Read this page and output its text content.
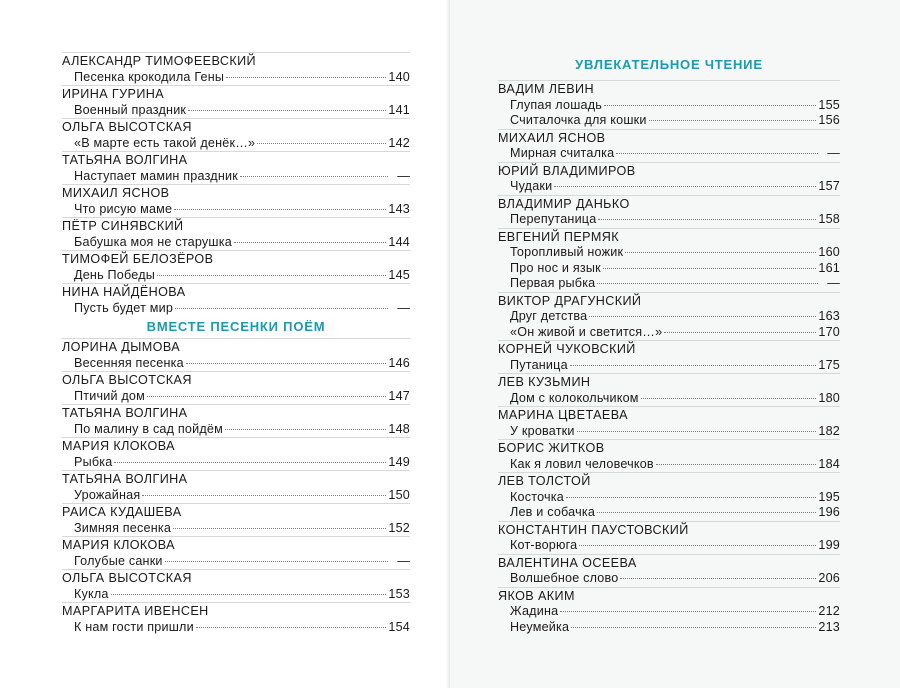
АЛЕКСАНДР ТИМОФЕЕВСКИЙ
Песенка крокодила Гены	140
ИРИНА ГУРИНА
Военный праздник	141
ОЛЬГА ВЫСОТСКАЯ
«В марте есть такой денёк…»	142
ТАТЬЯНА ВОЛГИНА
Наступает мамин праздник	—
МИХАИЛ ЯСНОВ
Что рисую маме	143
ПЁТР СИНЯВСКИЙ
Бабушка моя не старушка	144
ТИМОФЕЙ БЕЛОЗЁРОВ
День Победы	145
НИНА НАЙДЁНОВА
Пусть будет мир	—
ВМЕСТЕ ПЕСЕНКИ ПОЁМ
ЛОРИНА ДЫМОВА
Весенняя песенка	146
ОЛЬГА ВЫСОТСКАЯ
Птичий дом	147
ТАТЬЯНА ВОЛГИНА
По малину в сад пойдём	148
МАРИЯ КЛОКОВА
Рыбка	149
ТАТЬЯНА ВОЛГИНА
Урожайная	150
РАИСА КУДАШЕВА
Зимняя песенка	152
МАРИЯ КЛОКОВА
Голубые санки	—
ОЛЬГА ВЫСОТСКАЯ
Кукла	153
МАРГАРИТА ИВЕНСЕН
К нам гости пришли	154
УВЛЕКАТЕЛЬНОЕ ЧТЕНИЕ
ВАДИМ ЛЕВИН
Глупая лошадь	155
Считалочка для кошки	156
МИХАИЛ ЯСНОВ
Мирная считалка	—
ЮРИЙ ВЛАДИМИРОВ
Чудаки	157
ВЛАДИМИР ДАНЬКО
Перепутаница	158
ЕВГЕНИЙ ПЕРМЯК
Торопливый ножик	160
Про нос и язык	161
Первая рыбка	—
ВИКТОР ДРАГУНСКИЙ
Друг детства	163
«Он живой и светится…»	170
КОРНЕЙ ЧУКОВСКИЙ
Путаница	175
ЛЕВ КУЗЬМИН
Дом с колокольчиком	180
МАРИНА ЦВЕТАЕВА
У кроватки	182
БОРИС ЖИТКОВ
Как я ловил человечков	184
ЛЕВ ТОЛСТОЙ
Косточка	195
Лев и собачка	196
КОНСТАНТИН ПАУСТОВСКИЙ
Кот-ворюга	199
ВАЛЕНТИНА ОСЕЕВА
Волшебное слово	206
ЯКОВ АКИМ
Жадина	212
Неумейка	213
